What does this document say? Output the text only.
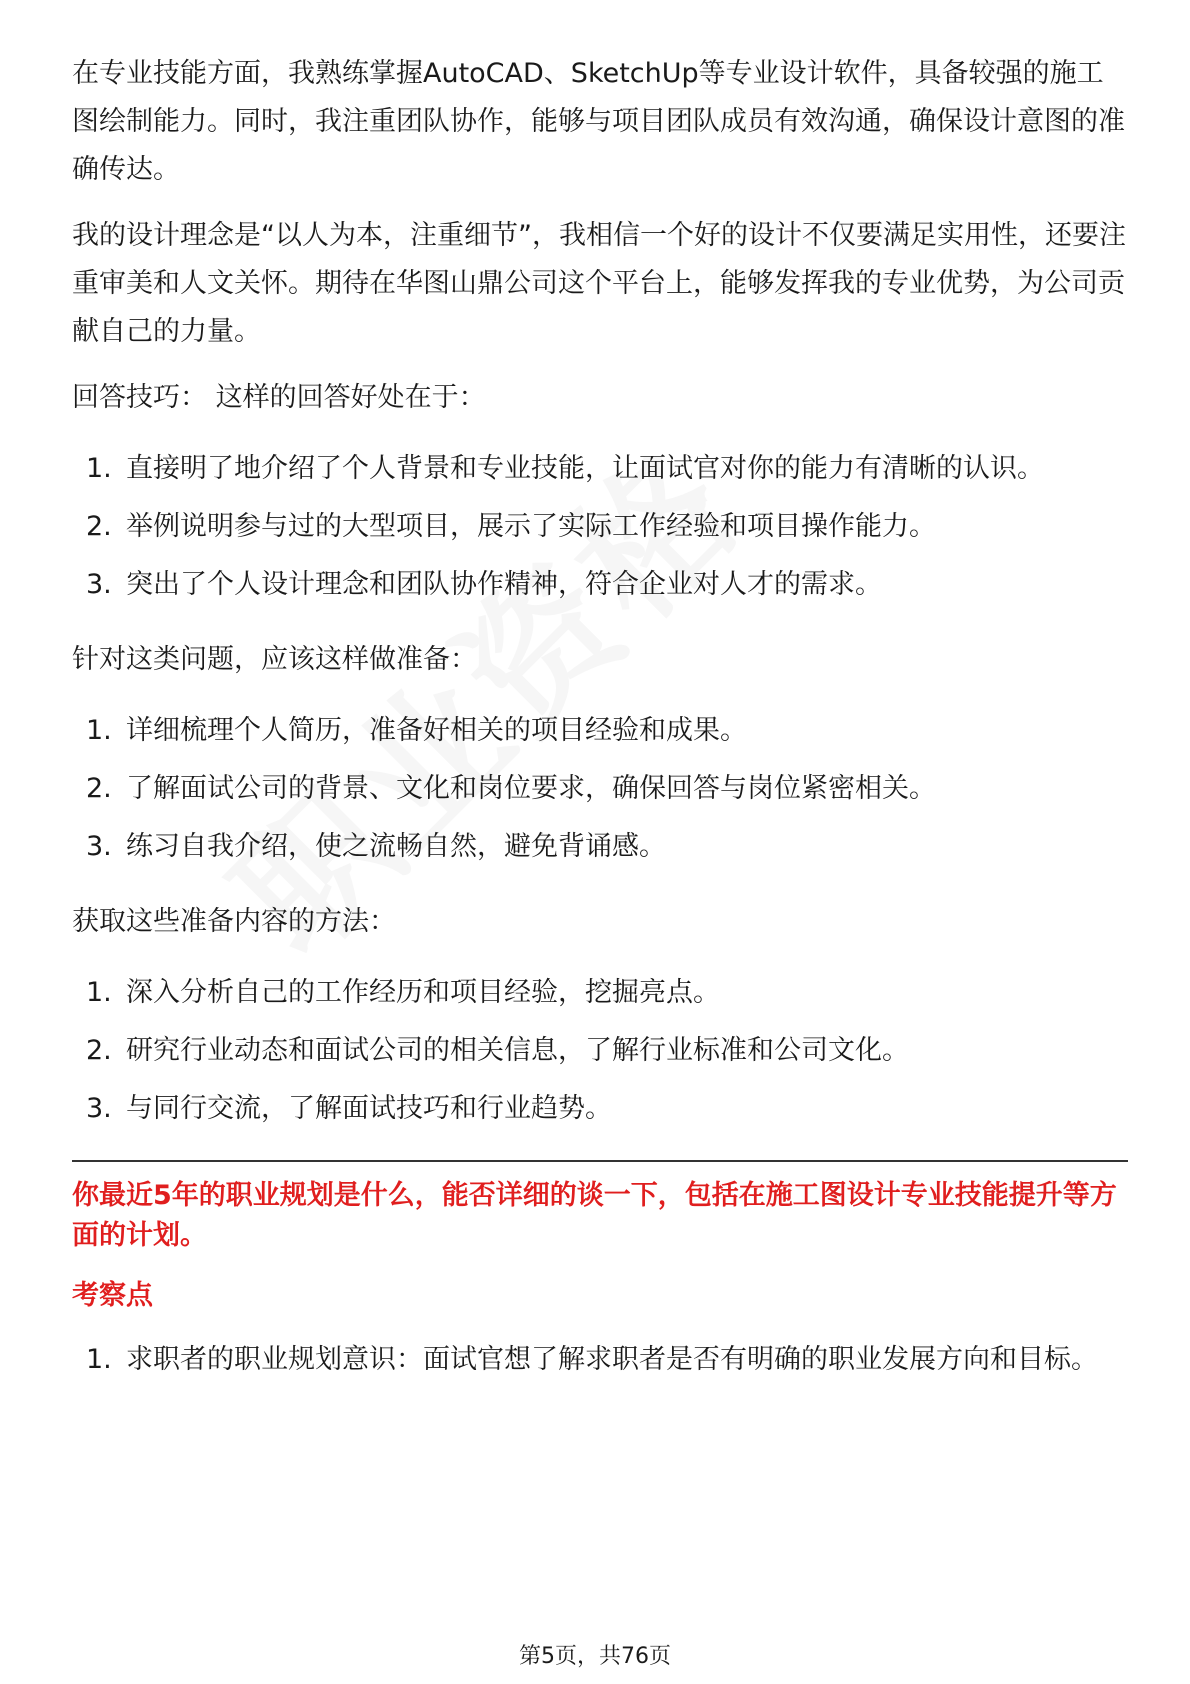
在专业技能方面，我熟练掌握AutoCAD、SketchUp等专业设计软件，具备较强的施工图绘制能力。同时，我注重团队协作，能够与项目团队成员有效沟通，确保设计意图的准确传达。

我的设计理念是“以人为本，注重细节”，我相信一个好的设计不仅要满足实用性，还要注重审美和人文关怀。期待在华图山鼎公司这个平台上，能够发挥我的专业优势，为公司贡献自己的力量。

回答技巧： 这样的回答好处在于：

1. 直接明了地介绍了个人背景和专业技能，让面试官对你的能力有清晰的认识。
2. 举例说明参与过的大型项目，展示了实际工作经验和项目操作能力。
3. 突出了个人设计理念和团队协作精神，符合企业对人才的需求。

针对这类问题，应该这样做准备：

1. 详细梳理个人简历，准备好相关的项目经验和成果。
2. 了解面试公司的背景、文化和岗位要求，确保回答与岗位紧密相关。
3. 练习自我介绍，使之流畅自然，避免背诵感。

获取这些准备内容的方法：

1. 深入分析自己的工作经历和项目经验，挖掘亮点。
2. 研究行业动态和面试公司的相关信息，了解行业标准和公司文化。
3. 与同行交流，了解面试技巧和行业趋势。
你最近5年的职业规划是什么，能否详细的谈一下，包括在施工图设计专业技能提升等方面的计划。
考察点
1. 求职者的职业规划意识：面试官想了解求职者是否有明确的职业发展方向和目标。
第5页，共76页
